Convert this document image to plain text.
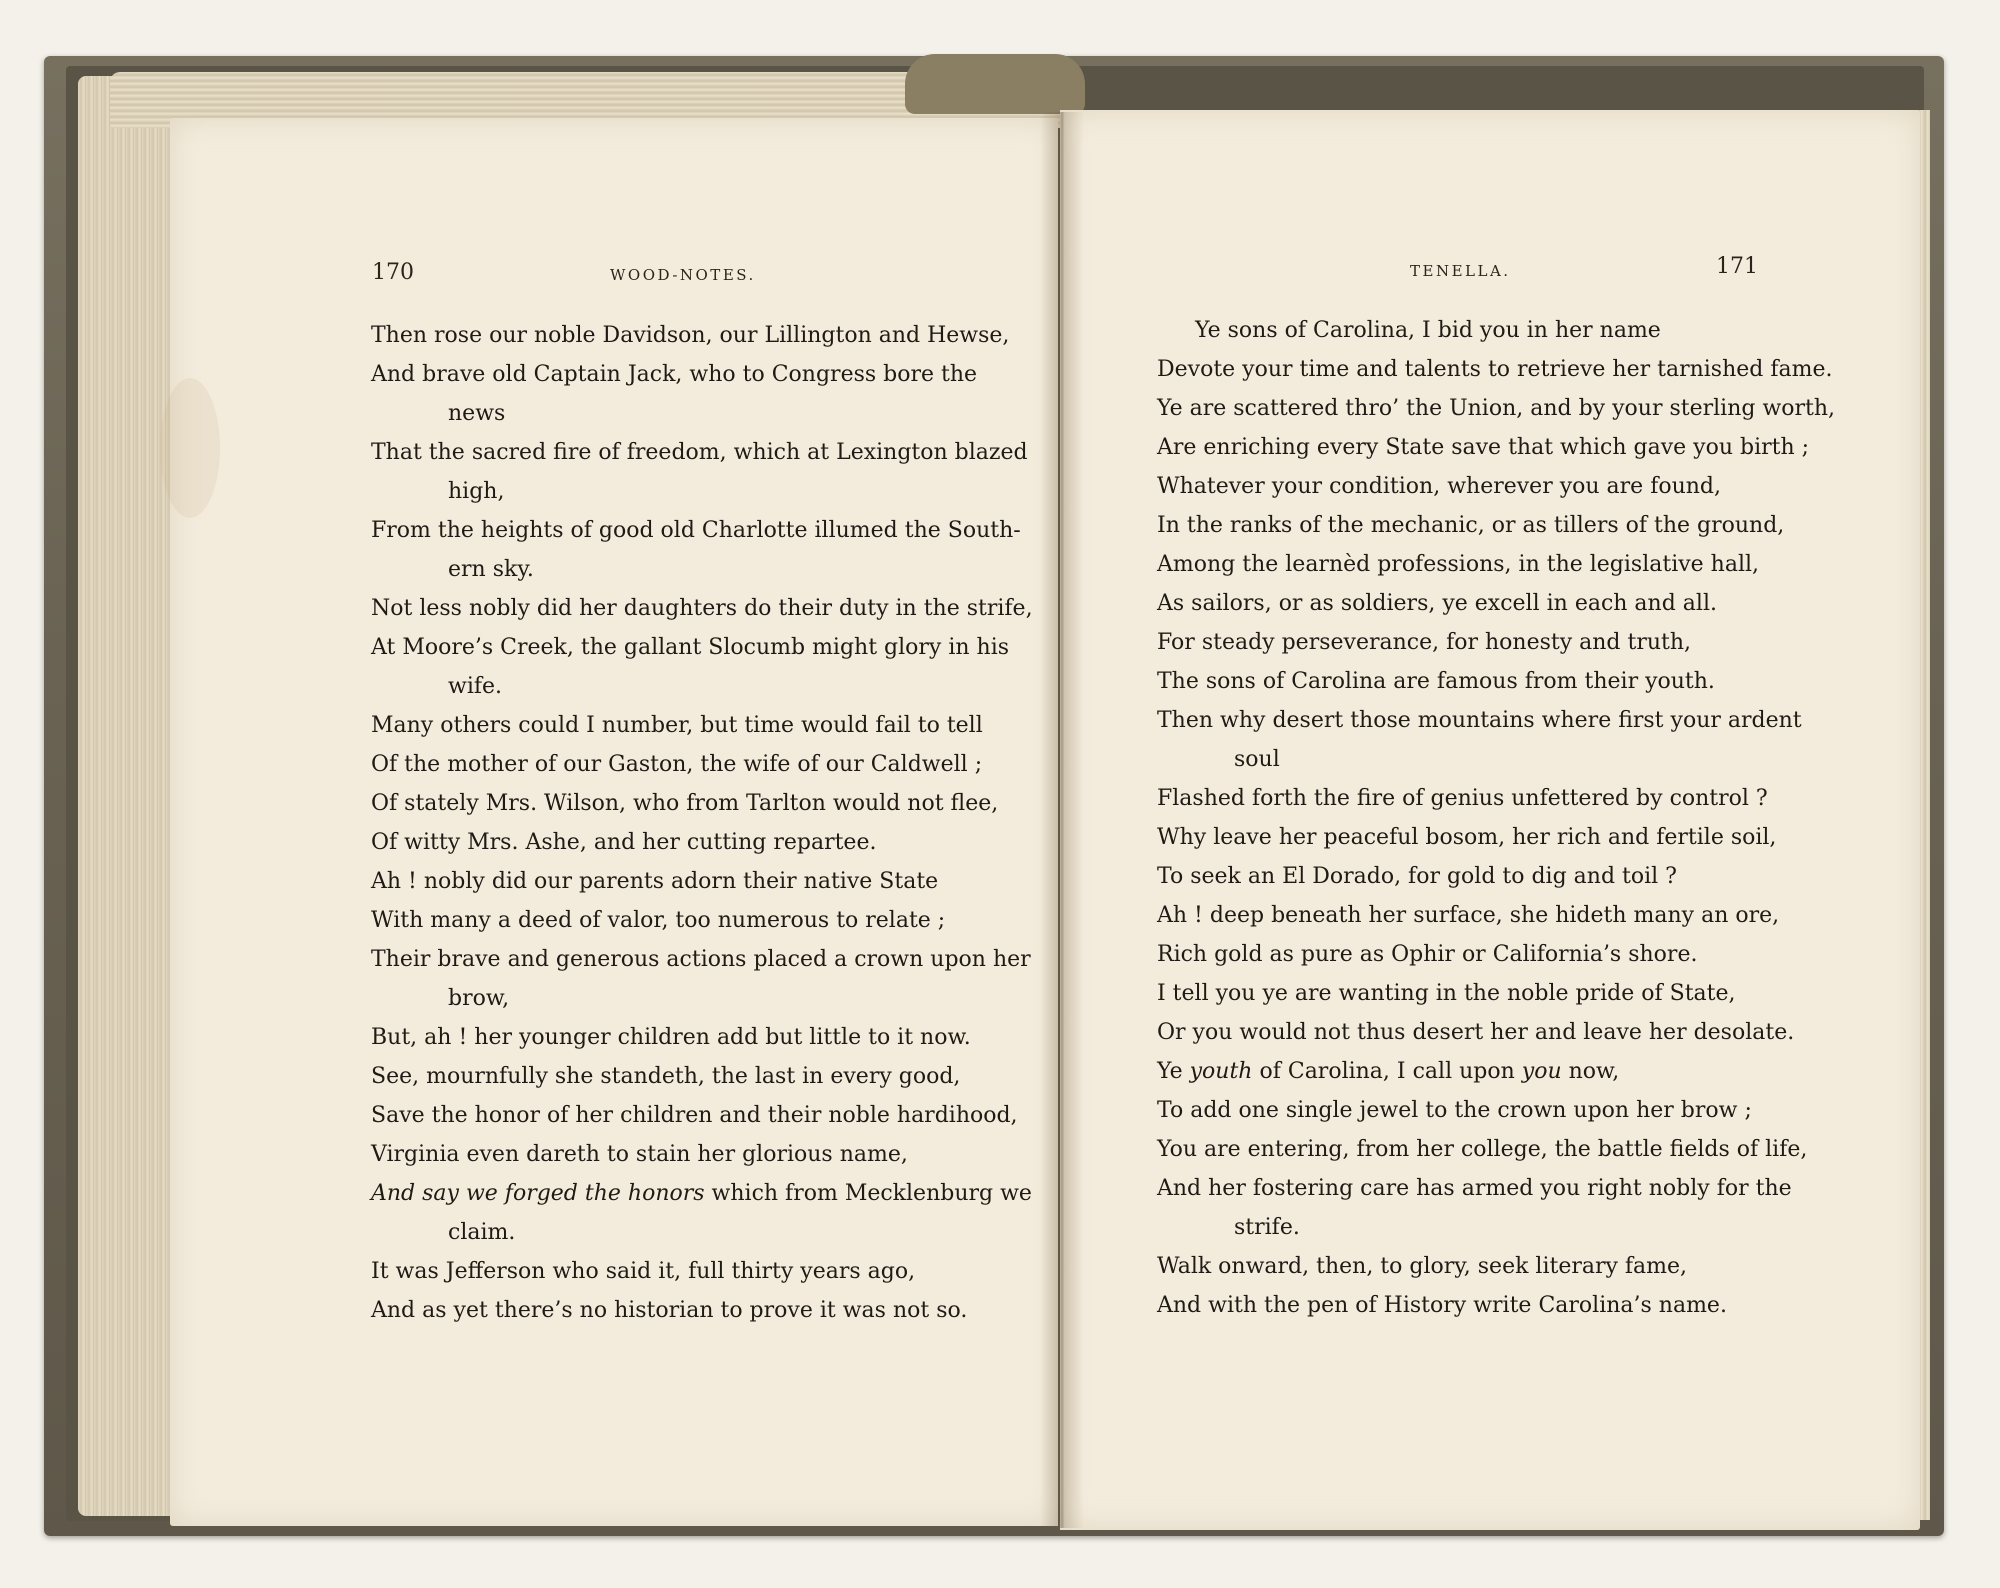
170	WOOD-NOTES.	TENELLA.	171
Then rose our noble Davidson, our Lillington and Hewse,
And brave old Captain Jack, who to Congress bore the
news
That the sacred fire of freedom, which at Lexington blazed
high,
From the heights of good old Charlotte illumed the South-
ern sky.
Not less nobly did her daughters do their duty in the strife,
At Moore’s Creek, the gallant Slocumb might glory in his
wife.
Many others could I number, but time would fail to tell
Of the mother of our Gaston, the wife of our Caldwell ;
Of stately Mrs. Wilson, who from Tarlton would not flee,
Of witty Mrs. Ashe, and her cutting repartee.
Ah ! nobly did our parents adorn their native State
With many a deed of valor, too numerous to relate ;
Their brave and generous actions placed a crown upon her
brow,
But, ah ! her younger children add but little to it now.
See, mournfully she standeth, the last in every good,
Save the honor of her children and their noble hardihood,
Virginia even dareth to stain her glorious name,
And say we forged the honors which from Mecklenburg we
claim.
It was Jefferson who said it, full thirty years ago,
And as yet there’s no historian to prove it was not so.
Ye sons of Carolina, I bid you in her name
Devote your time and talents to retrieve her tarnished fame.
Ye are scattered thro’ the Union, and by your sterling worth,
Are enriching every State save that which gave you birth ;
Whatever your condition, wherever you are found,
In the ranks of the mechanic, or as tillers of the ground,
Among the learnèd professions, in the legislative hall,
As sailors, or as soldiers, ye excell in each and all.
For steady perseverance, for honesty and truth,
The sons of Carolina are famous from their youth.
Then why desert those mountains where first your ardent
soul
Flashed forth the fire of genius unfettered by control ?
Why leave her peaceful bosom, her rich and fertile soil,
To seek an El Dorado, for gold to dig and toil ?
Ah ! deep beneath her surface, she hideth many an ore,
Rich gold as pure as Ophir or California’s shore.
I tell you ye are wanting in the noble pride of State,
Or you would not thus desert her and leave her desolate.
Ye youth of Carolina, I call upon you now,
To add one single jewel to the crown upon her brow ;
You are entering, from her college, the battle fields of life,
And her fostering care has armed you right nobly for the
strife.
Walk onward, then, to glory, seek literary fame,
And with the pen of History write Carolina’s name.
